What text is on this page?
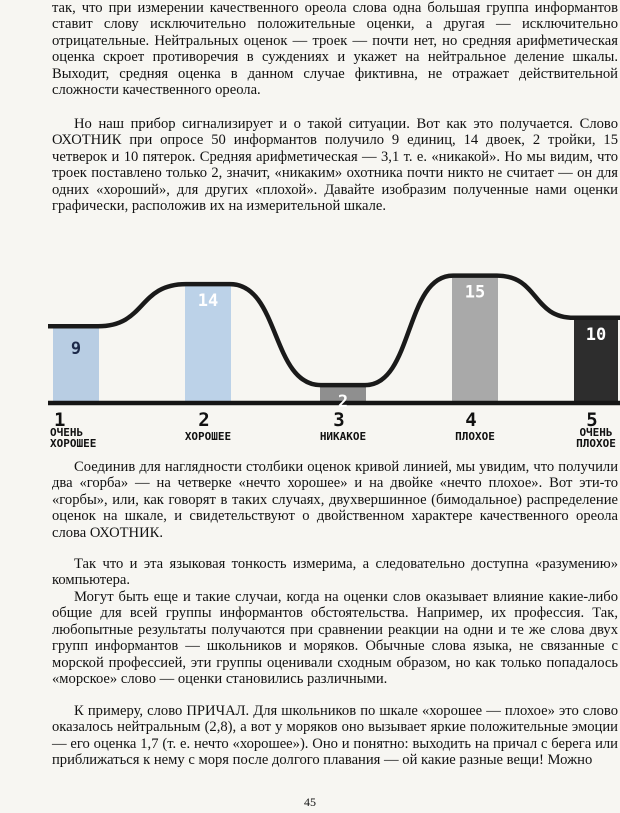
так, что при измерении качественного ореола слова одна большая группа информантов ставит слову исключительно положительные оценки, а другая — исключительно отрицательные. Нейтральных оценок — троек — почти нет, но средняя арифметическая оценка скроет противоречия в суждениях и укажет на нейтральное деление шкалы. Выходит, средняя оценка в данном случае фиктивна, не отражает действительной сложности качественного ореола.

Но наш прибор сигнализирует и о такой ситуации. Вот как это получается. Слово ОХОТНИК при опросе 50 информантов получило 9 единиц, 14 двоек, 2 тройки, 15 четверок и 10 пятерок. Средняя арифметическая — 3,1 т. е. «никакой». Но мы видим, что троек поставлено только 2, значит, «никаким» охотника почти никто не считает — он для одних «хороший», для других «плохой». Давайте изобразим полученные нами оценки графически, расположив их на измерительной шкале.

9
14
2
15
10
1
ОЧЕНЬ
ХОРОШЕЕ
2
ХОРОШЕЕ
3
НИКАКОЕ
4
ПЛОХОЕ
5
ОЧЕНЬ
ПЛОХОЕ

Соединив для наглядности столбики оценок кривой линией, мы увидим, что получили два «горба» — на четверке «нечто хорошее» и на двойке «нечто плохое». Вот эти-то «горбы», или, как говорят в таких случаях, двухвершинное (бимодальное) распределение оценок на шкале, и свидетельствуют о двойственном характере качественного ореола слова ОХОТНИК.

Так что и эта языковая тонкость измерима, а следовательно доступна «разумению» компьютера.

Могут быть еще и такие случаи, когда на оценки слов оказывает влияние какие-либо общие для всей группы информантов обстоятельства. Например, их профессия. Так, любопытные результаты получаются при сравнении реакции на одни и те же слова двух групп информантов — школьников и моряков. Обычные слова языка, не связанные с морской профессией, эти группы оценивали сходным образом, но как только попадалось «морское» слово — оценки становились различными.

К примеру, слово ПРИЧАЛ. Для школьников по шкале «хорошее — плохое» это слово оказалось нейтральным (2,8), а вот у моряков оно вызывает яркие положительные эмоции — его оценка 1,7 (т. е. нечто «хорошее»). Оно и понятно: выходить на причал с берега или приближаться к нему с моря после долгого плавания — ой какие разные вещи! Можно

45
